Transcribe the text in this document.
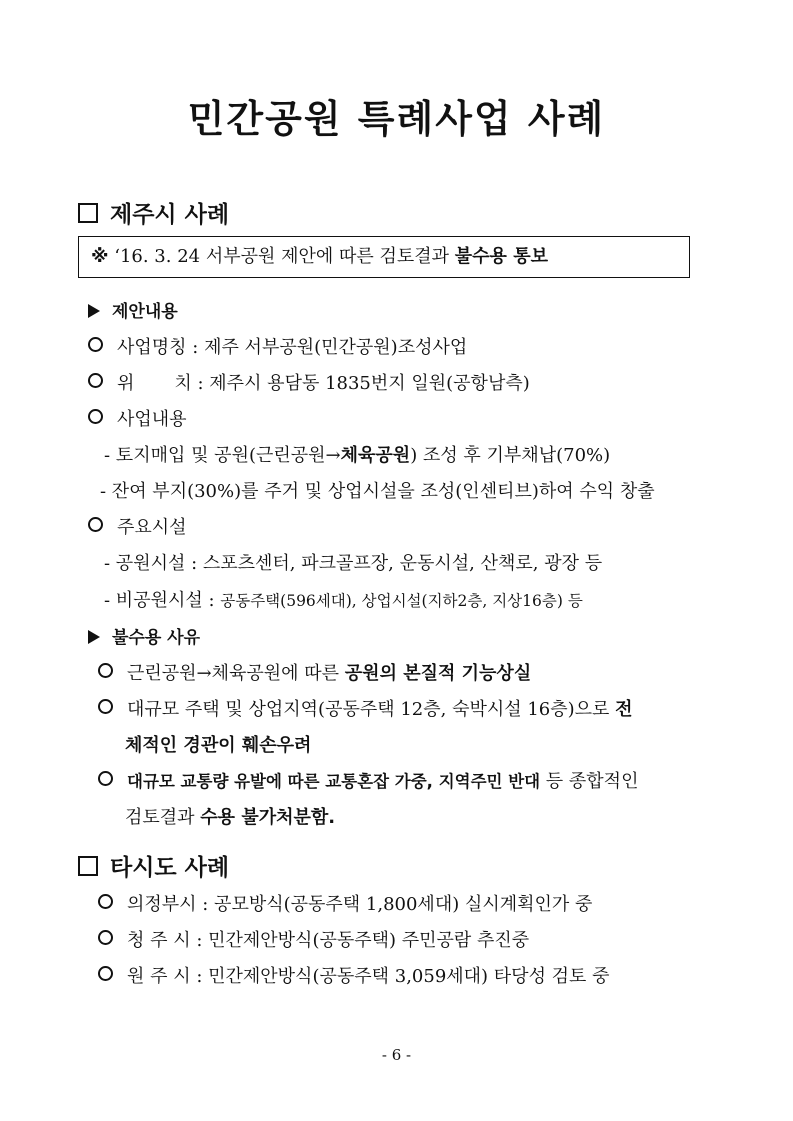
민간공원 특례사업 사례
제주시 사례
※ ‘16. 3. 24 서부공원 제안에 따른 검토결과 불수용 통보
제안내용
사업명칭 : 제주 서부공원(민간공원)조성사업
위 치 : 제주시 용담동 1835번지 일원(공항남측)
사업내용
- 토지매입 및 공원(근린공원→체육공원) 조성 후 기부채납(70%)
- 잔여 부지(30%)를 주거 및 상업시설을 조성(인센티브)하여 수익 창출
주요시설
- 공원시설 : 스포츠센터, 파크골프장, 운동시설, 산책로, 광장 등
- 비공원시설 : 공동주택(596세대), 상업시설(지하2층, 지상16층) 등
불수용 사유
근린공원→체육공원에 따른 공원의 본질적 기능상실
대규모 주택 및 상업지역(공동주택 12층, 숙박시설 16층)으로 전
체적인 경관이 훼손우려
대규모 교통량 유발에 따른 교통혼잡 가중, 지역주민 반대 등 종합적인
검토결과 수용 불가처분함.
타시도 사례
의정부시 : 공모방식(공동주택 1,800세대) 실시계획인가 중
청 주 시 : 민간제안방식(공동주택) 주민공람 추진중
원 주 시 : 민간제안방식(공동주택 3,059세대) 타당성 검토 중
- 6 -
